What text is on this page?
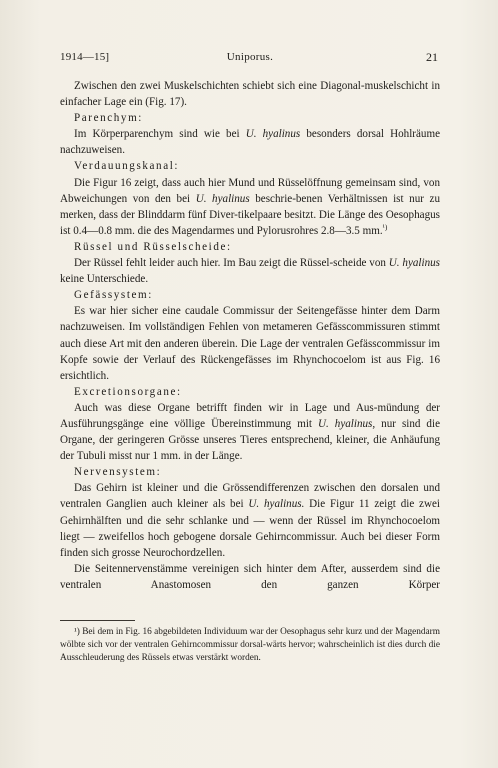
1914—15]	Uniporus.	21

Zwischen den zwei Muskelschichten schiebt sich eine Diagonal-muskelschicht in einfacher Lage ein (Fig. 17).

Parenchym:

Im Körperparenchym sind wie bei U. hyalinus besonders dorsal Hohlräume nachzuweisen.

Verdauungskanal:

Die Figur 16 zeigt, dass auch hier Mund und Rüsselöffnung gemeinsam sind, von Abweichungen von den bei U. hyalinus beschrie-benen Verhältnissen ist nur zu merken, dass der Blinddarm fünf Diver-tikelpaare besitzt. Die Länge des Oesophagus ist 0.4—0.8 mm. die des Magendarmes und Pylorusrohres 2.8—3.5 mm.$^{^1)}$

Rüssel und Rüsselscheide:

Der Rüssel fehlt leider auch hier. Im Bau zeigt die Rüssel-scheide von U. hyalinus keine Unterschiede.

Gefässystem:

Es war hier sicher eine caudale Commissur der Seitengefässe hinter dem Darm nachzuweisen. Im vollständigen Fehlen von metameren Gefässcommissuren stimmt auch diese Art mit den anderen überein. Die Lage der ventralen Gefässcommissur im Kopfe sowie der Verlauf des Rückengefässes im Rhynchocoelom ist aus Fig. 16 ersichtlich.

Excretionsorgane:

Auch was diese Organe betrifft finden wir in Lage und Aus-mündung der Ausführungsgänge eine völlige Übereinstimmung mit U. hyalinus, nur sind die Organe, der geringeren Grösse unseres Tieres entsprechend, kleiner, die Anhäufung der Tubuli misst nur 1 mm. in der Länge.

Nervensystem:

Das Gehirn ist kleiner und die Grössendifferenzen zwischen den dorsalen und ventralen Ganglien auch kleiner als bei U. hyalinus. Die Figur 11 zeigt die zwei Gehirnhälften und die sehr schlanke und — wenn der Rüssel im Rhynchocoelom liegt — zweifellos hoch gebogene dorsale Gehirncommissur. Auch bei dieser Form finden sich grosse Neurochordzellen.

Die Seitennervenstämme vereinigen sich hinter dem After, ausserdem sind die ventralen Anastomosen den ganzen Körper

¹) Bei dem in Fig. 16 abgebildeten Individuum war der Oesophagus sehr kurz und der Magendarm wölbte sich vor der ventralen Gehirncommissur dorsal-wärts hervor; wahrscheinlich ist dies durch die Ausschleuderung des Rüssels etwas verstärkt worden.
